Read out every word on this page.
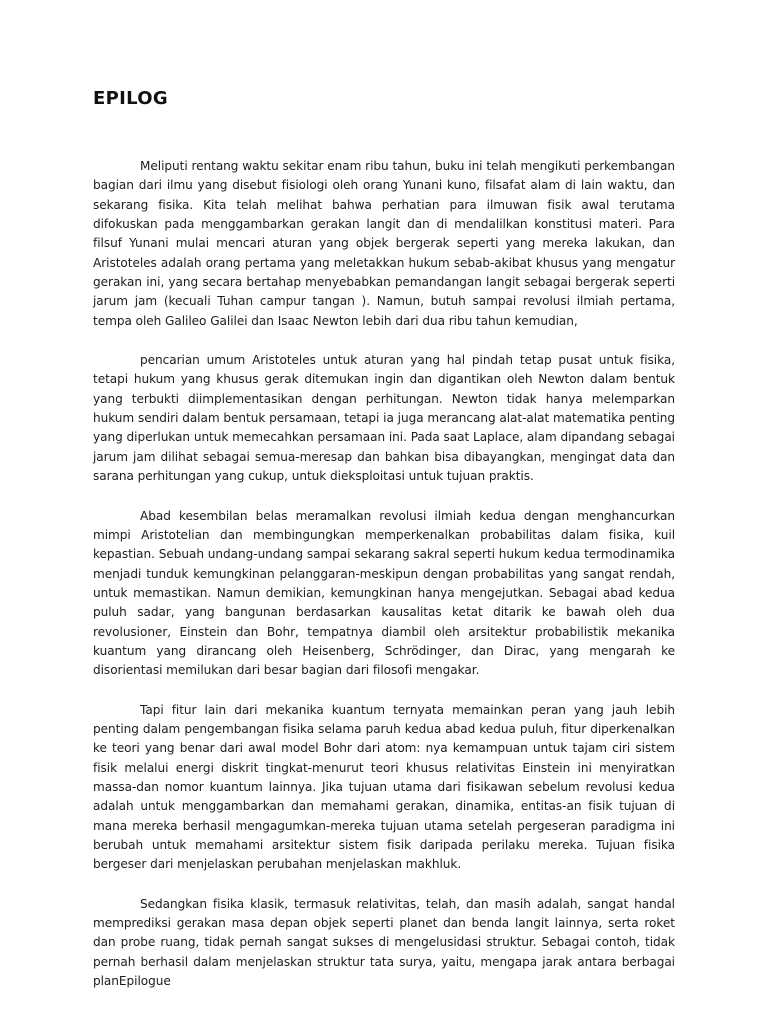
EPILOG

Meliputi rentang waktu sekitar enam ribu tahun, buku ini telah mengikuti perkembangan bagian dari ilmu yang disebut fisiologi oleh orang Yunani kuno, filsafat alam di lain waktu, dan sekarang fisika. Kita telah melihat bahwa perhatian para ilmuwan fisik awal terutama difokuskan pada menggambarkan gerakan langit dan di mendalilkan konstitusi materi. Para filsuf Yunani mulai mencari aturan yang objek bergerak seperti yang mereka lakukan, dan Aristoteles adalah orang pertama yang meletakkan hukum sebab-akibat khusus yang mengatur gerakan ini, yang secara bertahap menyebabkan pemandangan langit sebagai bergerak seperti jarum jam (kecuali Tuhan campur tangan ). Namun, butuh sampai revolusi ilmiah pertama, tempa oleh Galileo Galilei dan Isaac Newton lebih dari dua ribu tahun kemudian,

pencarian umum Aristoteles untuk aturan yang hal pindah tetap pusat untuk fisika, tetapi hukum yang khusus gerak ditemukan ingin dan digantikan oleh Newton dalam bentuk yang terbukti diimplementasikan dengan perhitungan. Newton tidak hanya melemparkan hukum sendiri dalam bentuk persamaan, tetapi ia juga merancang alat-alat matematika penting yang diperlukan untuk memecahkan persamaan ini. Pada saat Laplace, alam dipandang sebagai jarum jam dilihat sebagai semua-meresap dan bahkan bisa dibayangkan, mengingat data dan sarana perhitungan yang cukup, untuk dieksploitasi untuk tujuan praktis.

Abad kesembilan belas meramalkan revolusi ilmiah kedua dengan menghancurkan mimpi Aristotelian dan membingungkan memperkenalkan probabilitas dalam fisika, kuil kepastian. Sebuah undang-undang sampai sekarang sakral seperti hukum kedua termodinamika menjadi tunduk kemungkinan pelanggaran-meskipun dengan probabilitas yang sangat rendah, untuk memastikan. Namun demikian, kemungkinan hanya mengejutkan. Sebagai abad kedua puluh sadar, yang bangunan berdasarkan kausalitas ketat ditarik ke bawah oleh dua revolusioner, Einstein dan Bohr, tempatnya diambil oleh arsitektur probabilistik mekanika kuantum yang dirancang oleh Heisenberg, Schrödinger, dan Dirac, yang mengarah ke disorientasi memilukan dari besar bagian dari filosofi mengakar.

Tapi fitur lain dari mekanika kuantum ternyata memainkan peran yang jauh lebih penting dalam pengembangan fisika selama paruh kedua abad kedua puluh, fitur diperkenalkan ke teori yang benar dari awal model Bohr dari atom: nya kemampuan untuk tajam ciri sistem fisik melalui energi diskrit tingkat-menurut teori khusus relativitas Einstein ini menyiratkan massa-dan nomor kuantum lainnya. Jika tujuan utama dari fisikawan sebelum revolusi kedua adalah untuk menggambarkan dan memahami gerakan, dinamika, entitas-an fisik tujuan di mana mereka berhasil mengagumkan-mereka tujuan utama setelah pergeseran paradigma ini berubah untuk memahami arsitektur sistem fisik daripada perilaku mereka. Tujuan fisika bergeser dari menjelaskan perubahan menjelaskan makhluk.

Sedangkan fisika klasik, termasuk relativitas, telah, dan masih adalah, sangat handal memprediksi gerakan masa depan objek seperti planet dan benda langit lainnya, serta roket dan probe ruang, tidak pernah sangat sukses di mengelusidasi struktur. Sebagai contoh, tidak pernah berhasil dalam menjelaskan struktur tata surya, yaitu, mengapa jarak antara berbagai planEpilogue
